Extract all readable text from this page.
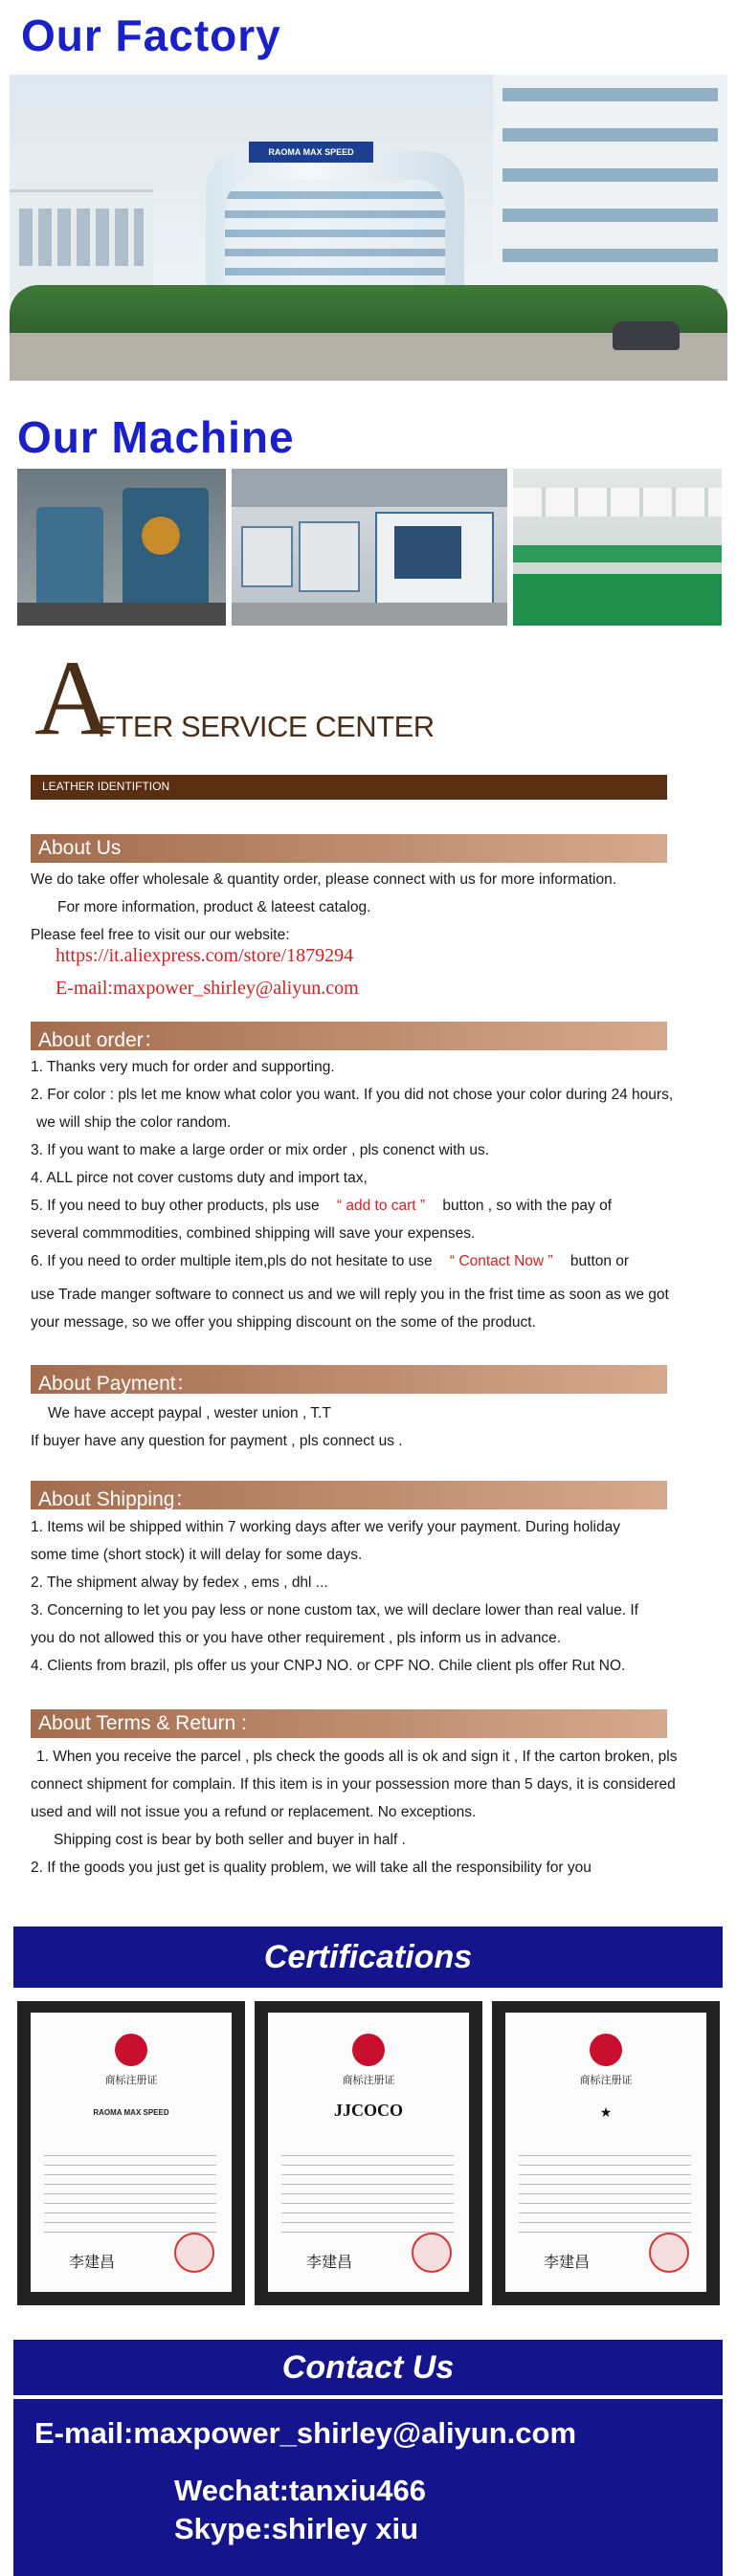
Our Factory
RAOMA MAX SPEED
Our Machine
A
FTER SERVICE CENTER
LEATHER IDENTIFTION
About Us
We do take offer wholesale & quantity order, please connect with us for more information.
For more information, product & lateest catalog.
Please feel free to visit our our website:
https://it.aliexpress.com/store/1879294
E-mail:maxpower_shirley@aliyun.com
About order：
1. Thanks very much for order and supporting.
2. For color : pls let me know what color you want. If you did not chose your color during 24 hours,
we will ship the color random.
3. If you want to make a large order or mix order , pls conenct with us.
4. ALL pirce not cover customs duty and import tax,
5. If you need to buy other products, pls use “ add to cart ” button , so with the pay of
several commmodities, combined shipping will save your expenses.
6. If you need to order multiple item,pls do not hesitate to use “ Contact Now ” button or
use Trade manger software to connect us and we will reply you in the frist time as soon as we got
your message, so we offer you shipping discount on the some of the product.
About Payment：
We have accept paypal , wester union , T.T
If buyer have any question for payment , pls connect us .
About Shipping：
1. Items wil be shipped within 7 working days after we verify your payment. During holiday
some time (short stock) it will delay for some days.
2. The shipment alway by fedex , ems , dhl ...
3. Concerning to let you pay less or none custom tax, we will declare lower than real value. If
you do not allowed this or you have other requirement , pls inform us in advance.
4. Clients from brazil, pls offer us your CNPJ NO. or CPF NO. Chile client pls offer Rut NO.
About Terms & Return :
1. When you receive the parcel , pls check the goods all is ok and sign it , If the carton broken, pls
connect shipment for complain. If this item is in your possession more than 5 days, it is considered
used and will not issue you a refund or replacement. No exceptions.
Shipping cost is bear by both seller and buyer in half .
2. If the goods you just get is quality problem, we will take all the responsibility for you
Certifications
商标注册证
RAOMA MAX SPEED
李建昌
商标注册证
JJCOCO
李建昌
商标注册证
★
李建昌
Contact Us
E-mail:maxpower_shirley@aliyun.com
Wechat:tanxiu466
Skype:shirley xiu
